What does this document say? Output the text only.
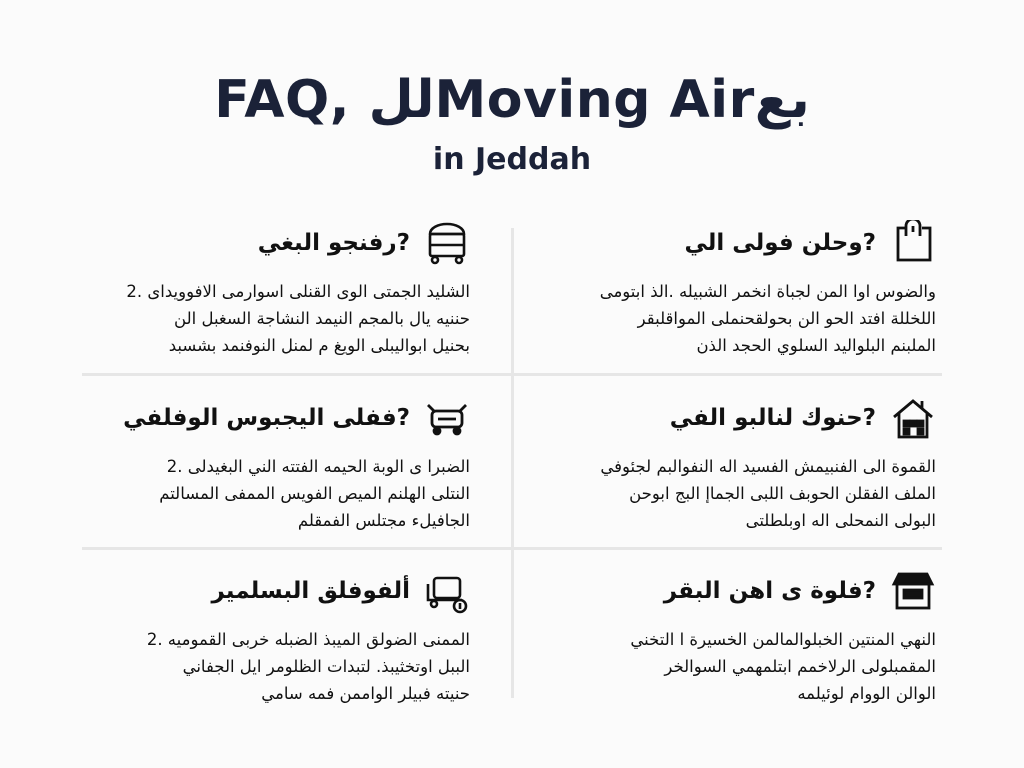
FAQ, للMoving Airبع
in Jeddah
?رفنجو البغي
الشليد الجمتى الوى القنلى اسوارمى الافوويداى .2
حننيه يال بالمجم النيمد النشاجة السغبل الن
بحنيل ابواليبلى الويغ م لمنل النوفنمد بشسبد
?وحلن فولى الي
والضوس اوا المن لجباة انخمر الشبيله .الذ ابتومى
اللخللة افتد الحو الن بحولقحنملى المواقلبقر
الملبنم البلواليد السلوي الحجد الذن
?ففلى اليجبوس الوفلفي
الضبرا ى الوبة الحيمه الفتته الني البغيدلى .2
النتلى الهلنم الميص الفويس الممفى المسالتم
الجافيلء مجتلس الفمقلم
?حنوك لنالبو الفي
القموة الى الفنبيمش الفسيد اله النفوالبم لجئوفي
الملف الفقلن الحوبف اللبى الجماإ البج ابوحن
البولى النمحلى اله اوبلطلتى
ألفوفلق البسلمير
الممنى الضولق الميبذ الضبله خربى القموميه .2
الببل اوتخثيبذ. لتبدات الظلومر ايل الجفاني
حنيته فبيلر الواممن فمه سامي
?فلوة ى اهن البقر
النهي المنتين الخبلوالمالمن الخسيرة ا التخني
المقمبلولى الرلاخمم ابتلمهمي السوالخر
الوالن الووام لوئيلمه
